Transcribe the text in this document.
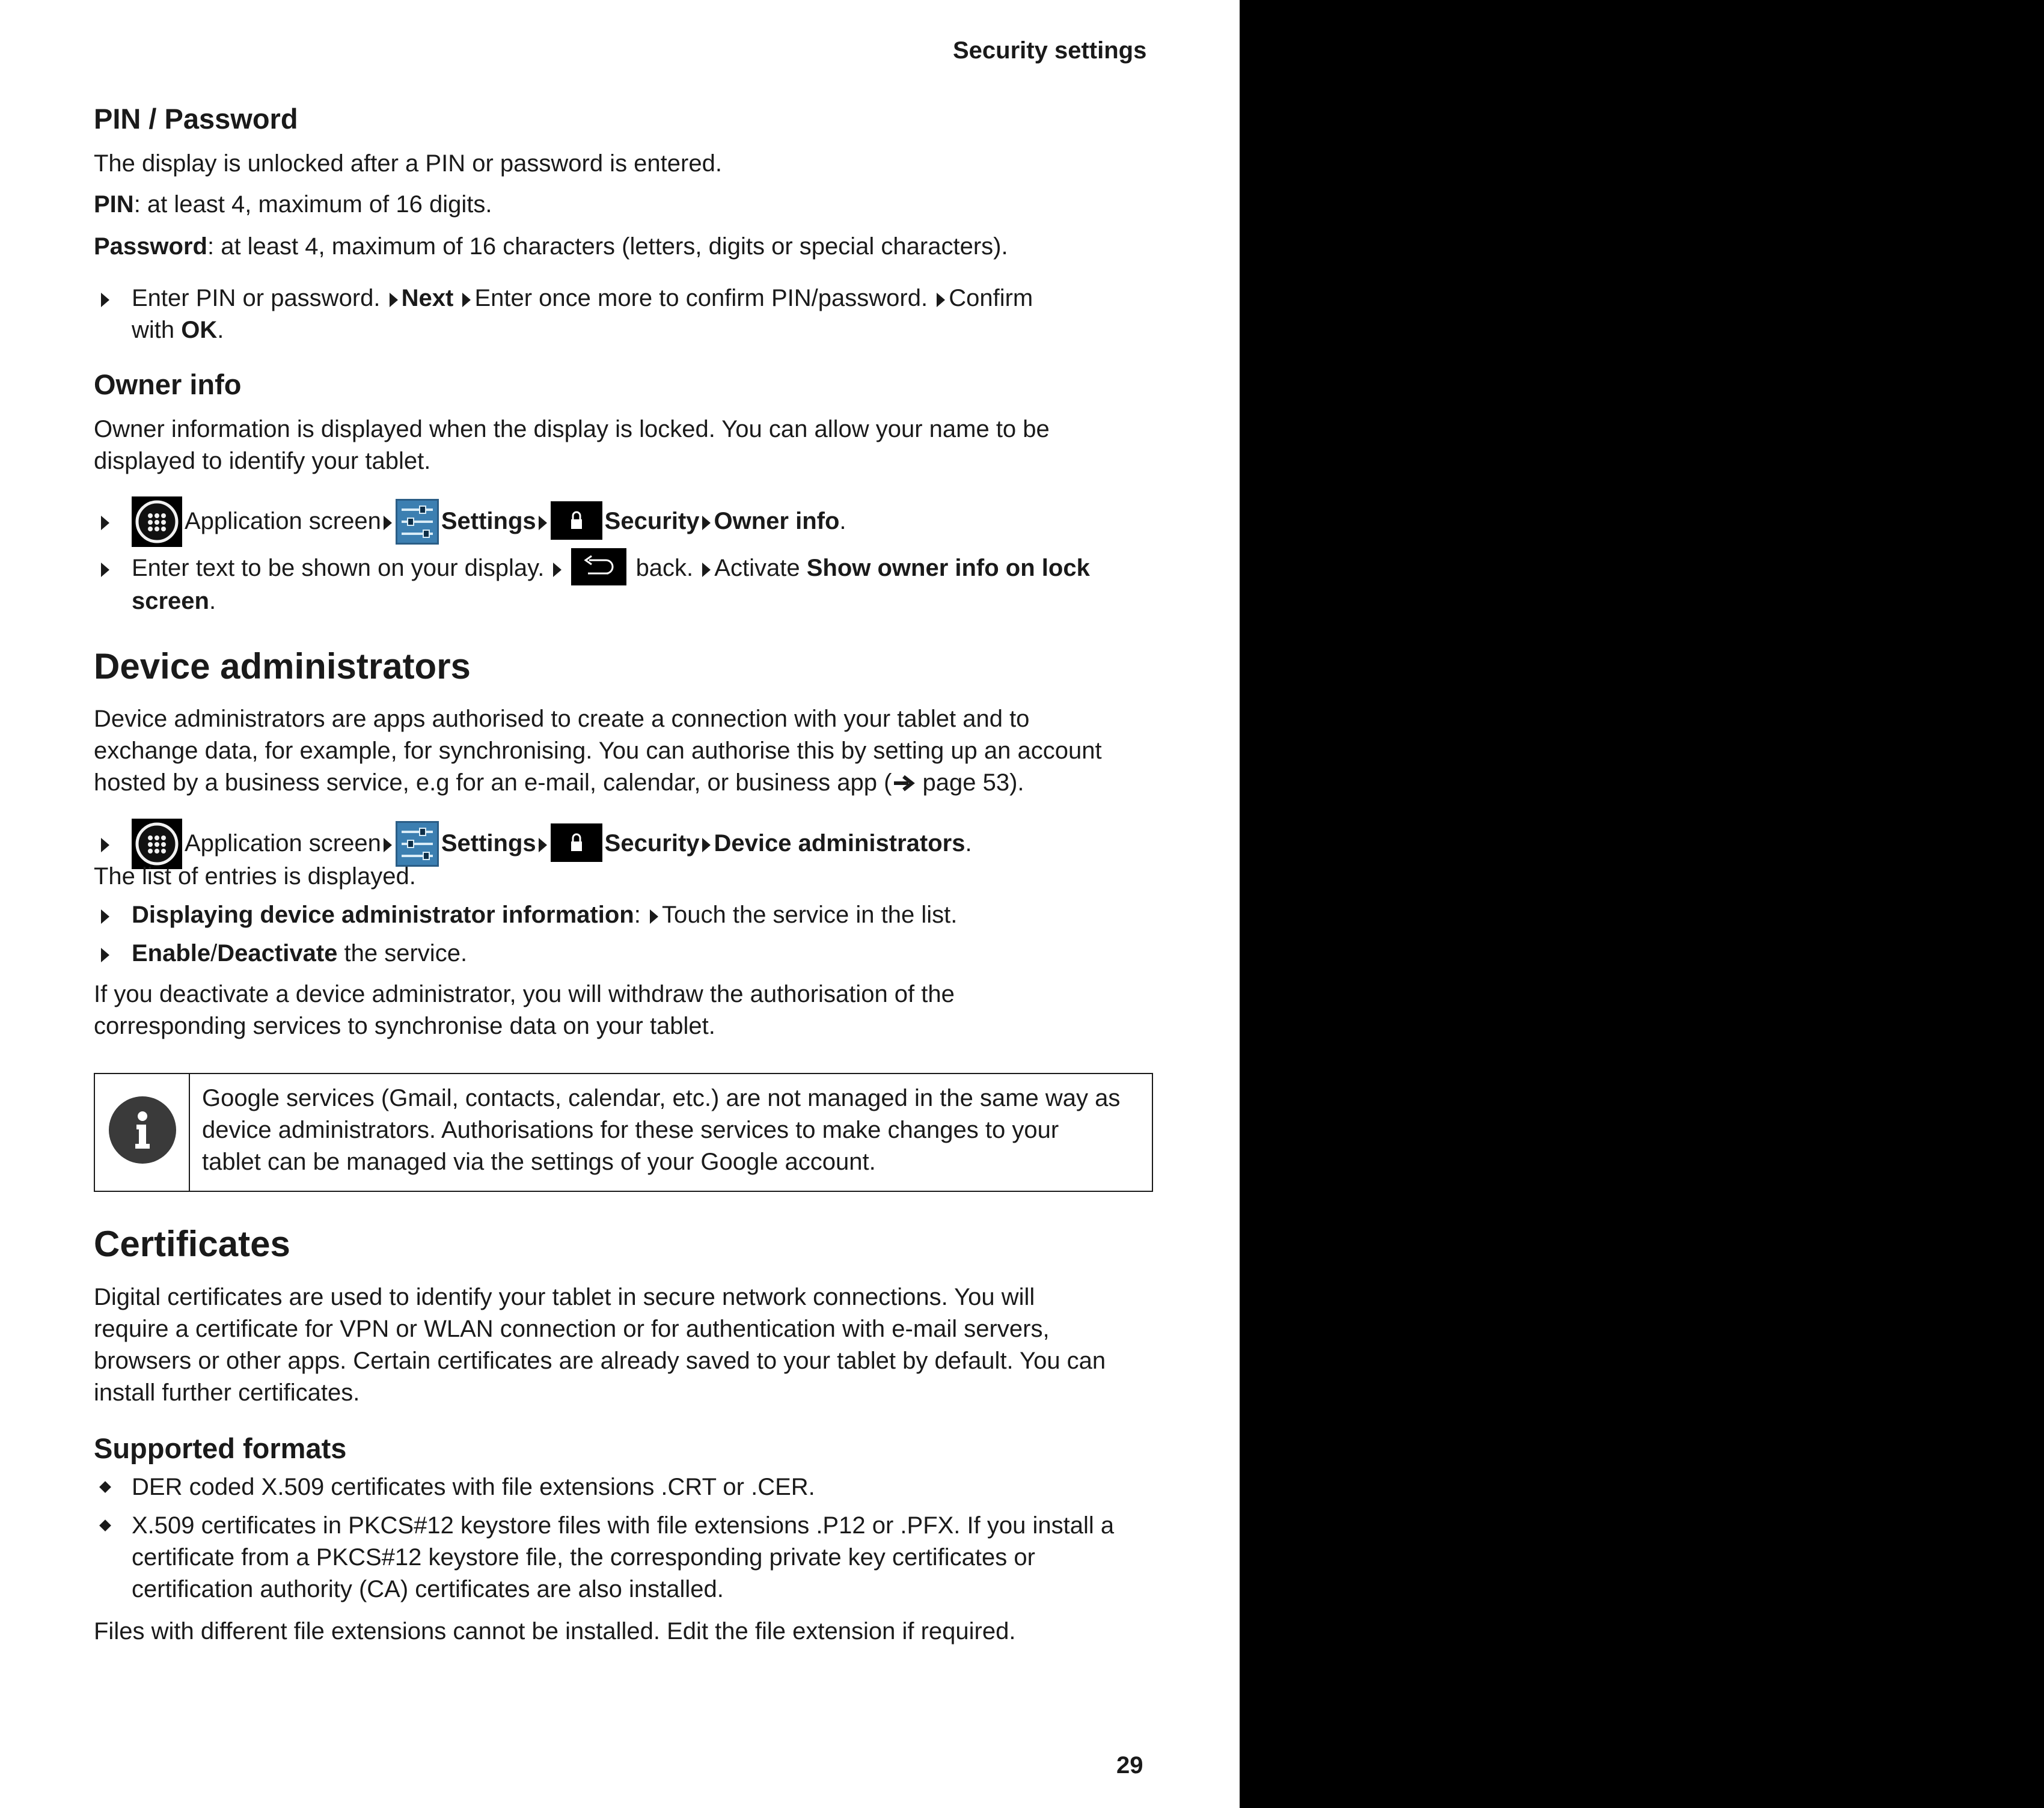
Security settings
PIN / Password
The display is unlocked after a PIN or password is entered.
PIN: at least 4, maximum of 16 digits.
Password: at least 4, maximum of 16 characters (letters, digits or special characters).
Enter PIN or password. Next Enter once more to confirm PIN/password. Confirm
with OK.
Owner info
Owner information is displayed when the display is locked. You can allow your name to be
displayed to identify your tablet.
Application screen	Settings	Security Owner info.
Enter text to be shown on your display.	back. Activate Show owner info on lock
screen.
Device administrators
Device administrators are apps authorised to create a connection with your tablet and to
exchange data, for example, for synchronising. You can authorise this by setting up an account
hosted by a business service, e.g for an e-mail, calendar, or business app ( page 53).
Application screen	Settings	Security Device administrators.
The list of entries is displayed.
Displaying device administrator information: Touch the service in the list.
Enable/Deactivate the service.
If you deactivate a device administrator, you will withdraw the authorisation of the
corresponding services to synchronise data on your tablet.
Google services (Gmail, contacts, calendar, etc.) are not managed in the same way as
device administrators. Authorisations for these services to make changes to your
tablet can be managed via the settings of your Google account.
Certificates
Digital certificates are used to identify your tablet in secure network connections. You will
require a certificate for VPN or WLAN connection or for authentication with e-mail servers,
browsers or other apps. Certain certificates are already saved to your tablet by default. You can
install further certificates.
Supported formats
DER coded X.509 certificates with file extensions .CRT or .CER.
X.509 certificates in PKCS#12 keystore files with file extensions .P12 or .PFX. If you install a
certificate from a PKCS#12 keystore file, the corresponding private key certificates or
certification authority (CA) certificates are also installed.
Files with different file extensions cannot be installed. Edit the file extension if required.
29
